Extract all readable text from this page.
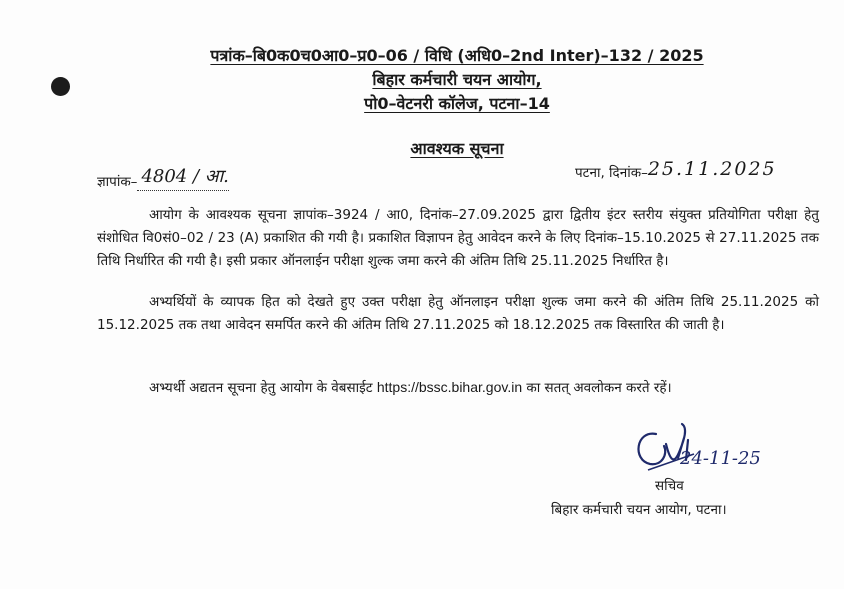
पत्रांक–बि0क0च0आ0–प्र0–06 / विधि (अधि0–2nd Inter)–132 / 2025
बिहार कर्मचारी चयन आयोग,
पो0–वेटनरी कॉलेज, पटना–14
आवश्यक सूचना
ज्ञापांक– 4804 / आ.	पटना, दिनांक–25.11.2025
आयोग के आवश्यक सूचना ज्ञापांक–3924 / आ0, दिनांक–27.09.2025 द्वारा द्वितीय इंटर स्तरीय संयुक्त प्रतियोगिता परीक्षा हेतु संशोधित वि0सं0–02 / 23 (A) प्रकाशित की गयी है। प्रकाशित विज्ञापन हेतु आवेदन करने के लिए दिनांक–15.10.2025 से 27.11.2025 तक तिथि निर्धारित की गयी है। इसी प्रकार ऑनलाईन परीक्षा शुल्क जमा करने की अंतिम तिथि 25.11.2025 निर्धारित है।
अभ्यर्थियों के व्यापक हित को देखते हुए उक्त परीक्षा हेतु ऑनलाइन परीक्षा शुल्क जमा करने की अंतिम तिथि 25.11.2025 को 15.12.2025 तक तथा आवेदन समर्पित करने की अंतिम तिथि 27.11.2025 को 18.12.2025 तक विस्तारित की जाती है।
अभ्यर्थी अद्यतन सूचना हेतु आयोग के वेबसाईट https://bssc.bihar.gov.in का सतत् अवलोकन करते रहें।
24-11-25
सचिव
बिहार कर्मचारी चयन आयोग, पटना।
